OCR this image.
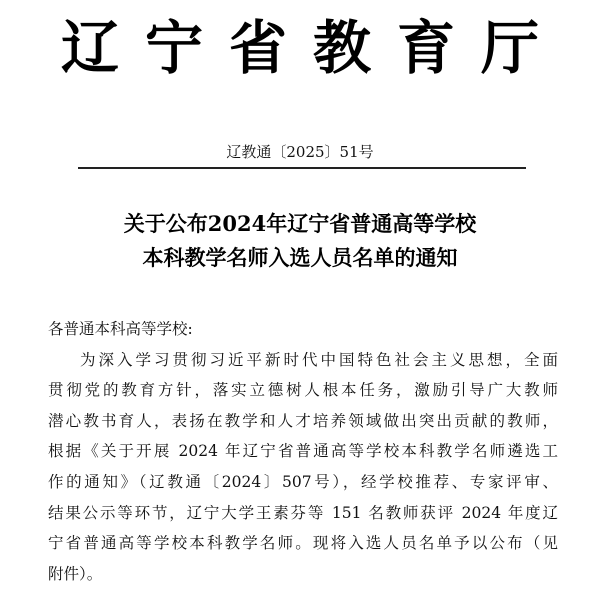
辽宁省教育厅
辽教通〔2025〕51号
关于公布2024年辽宁省普通高等学校
本科教学名师入选人员名单的通知

各普通本科高等学校:

为深入学习贯彻习近平新时代中国特色社会主义思想，全面
贯彻党的教育方针，落实立德树人根本任务，激励引导广大教师
潜心教书育人，表扬在教学和人才培养领域做出突出贡献的教师，
根据《关于开展 2024 年辽宁省普通高等学校本科教学名师遴选工
作的通知》（辽教通〔2024〕507号），经学校推荐、专家评审、
结果公示等环节，辽宁大学王素芬等 151 名教师获评 2024 年度辽
宁省普通高等学校本科教学名师。现将入选人员名单予以公布（见
附件）。
